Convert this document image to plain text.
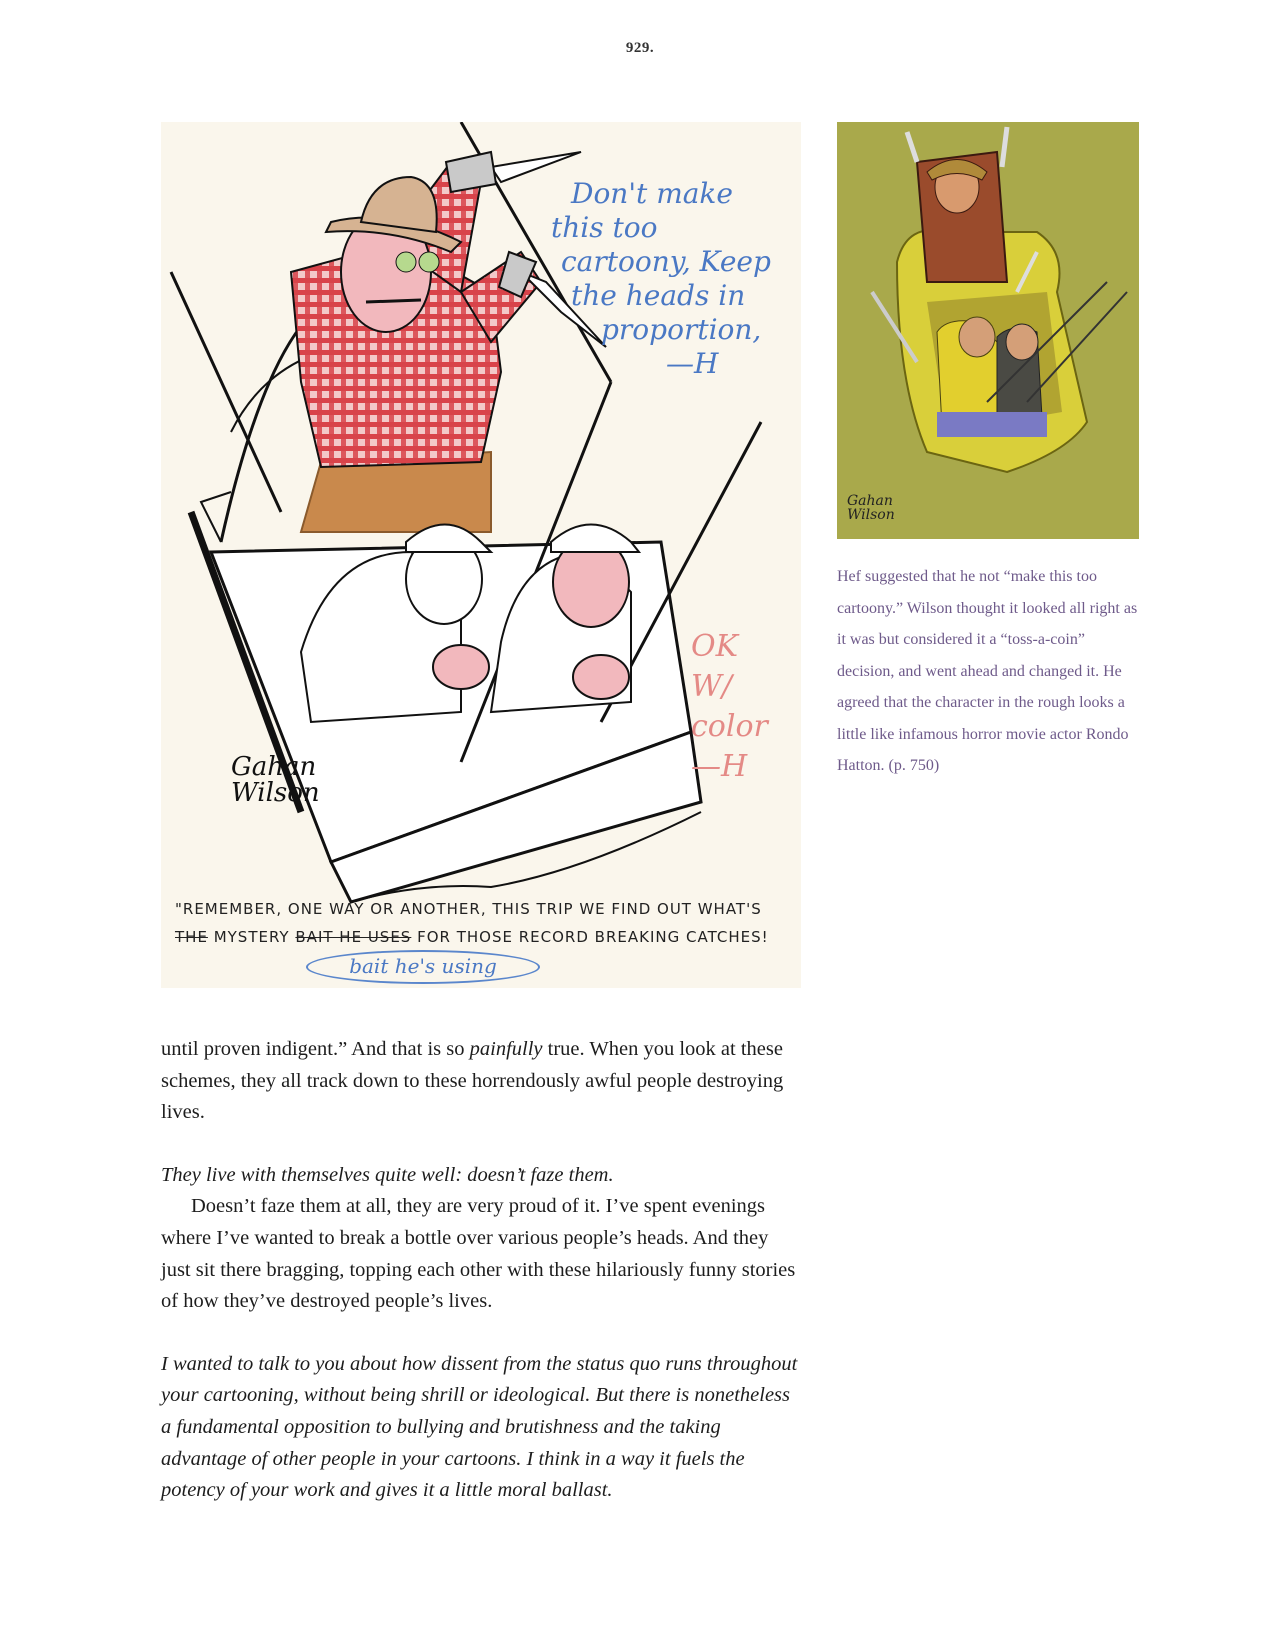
929.
Don't make
this too
cartoony, Keep
the heads in
proportion,
—H
OK
W/
color
—H
Gahan
Wilson
"REMEMBER, ONE WAY OR ANOTHER, THIS TRIP WE FIND OUT WHAT'S
THE MYSTERY BAIT HE USES FOR THOSE RECORD BREAKING CATCHES!
bait he's using
Gahan
Wilson
Hef suggested that he not “make this too cartoony.” Wilson thought it looked all right as it was but considered it a “toss-a-coin” decision, and went ahead and changed it. He agreed that the character in the rough looks a little like infamous horror movie actor Rondo Hatton. (p. 750)

until proven indigent.” And that is so painfully true. When you look at these schemes, they all track down to these horrendously awful people destroying lives.

They live with themselves quite well: doesn’t faze them.

Doesn’t faze them at all, they are very proud of it. I’ve spent evenings where I’ve wanted to break a bottle over various people’s heads. And they just sit there bragging, topping each other with these hilariously funny stories of how they’ve destroyed people’s lives.

I wanted to talk to you about how dissent from the status quo runs throughout your cartooning, without being shrill or ideological. But there is nonetheless a fundamental opposition to bullying and brutishness and the taking advantage of other people in your cartoons. I think in a way it fuels the potency of your work and gives it a little moral ballast.
